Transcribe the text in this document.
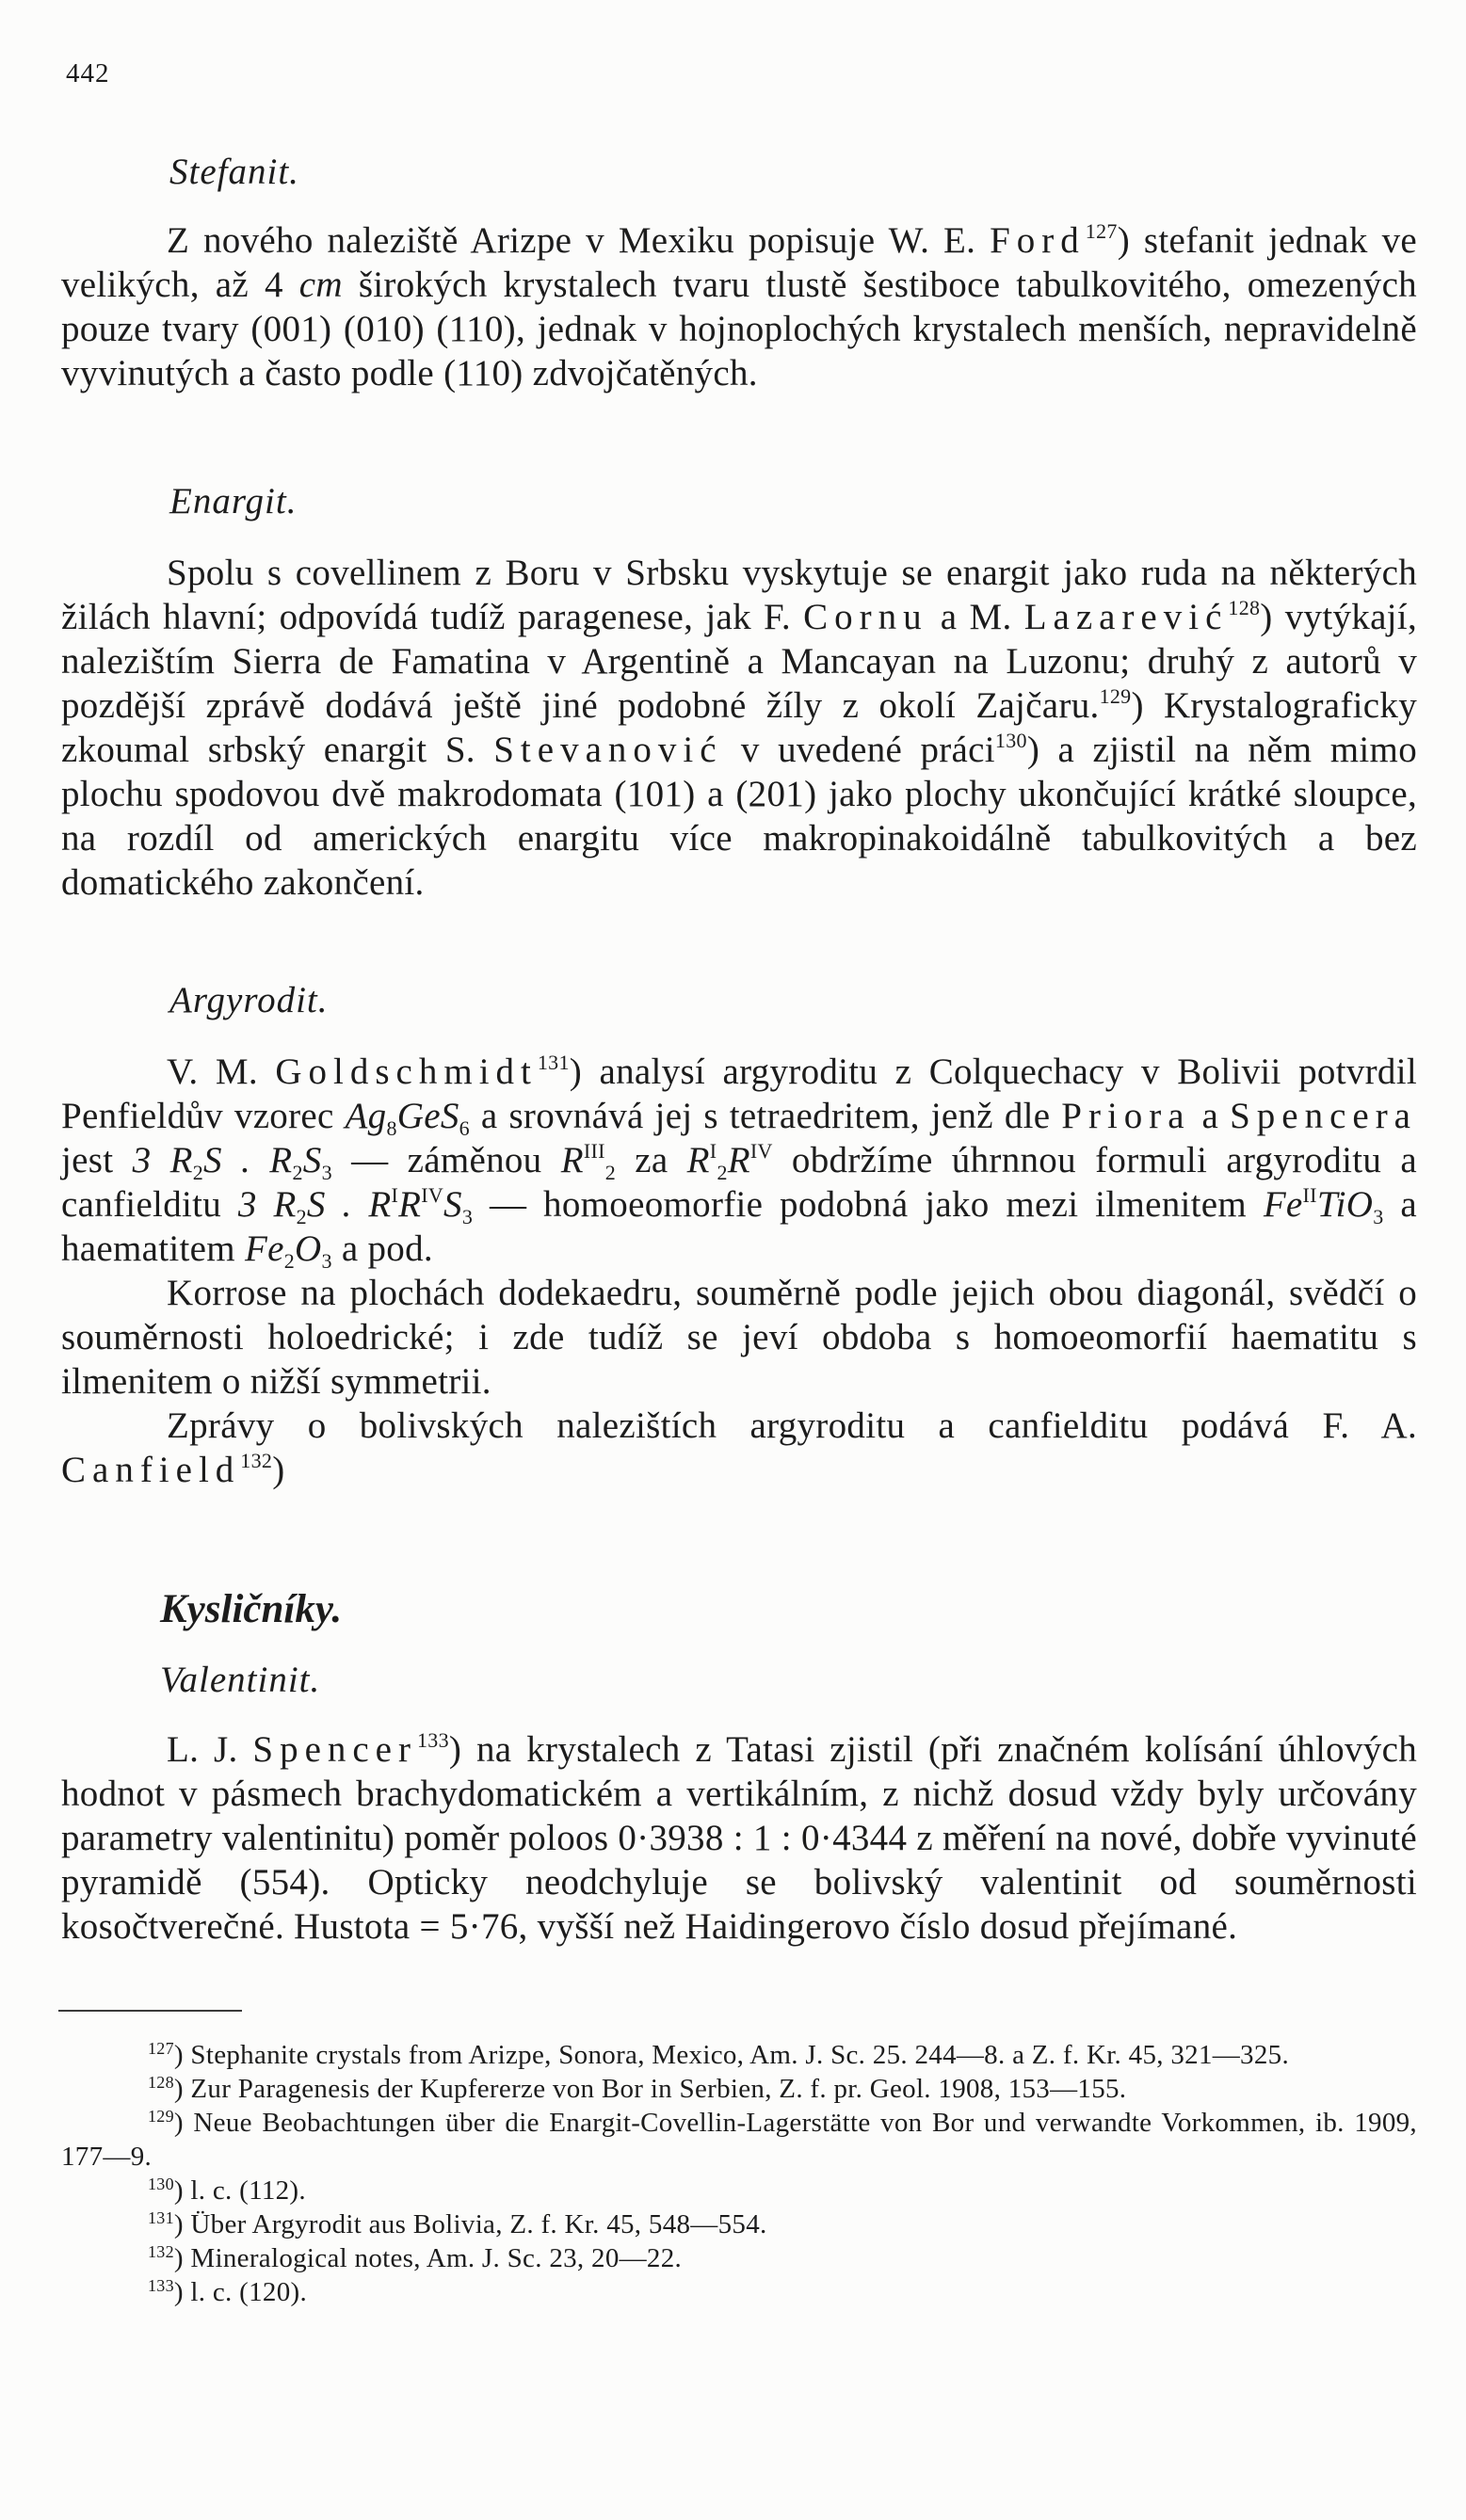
442
Stefanit.

Z nového naleziště Arizpe v Mexiku popisuje W. E. Ford$^{127}$) stefanit jednak ve velikých, až 4 cm širokých krystalech tvaru tlustě šestiboce tabulkovitého, omezených pouze tvary (001) (010) (110), jednak v hojnoplochých krystalech menších, nepravidelně vyvinutých a často podle (110) zdvojčatěných.

Enargit.

Spolu s covellinem z Boru v Srbsku vyskytuje se enargit jako ruda na některých žilách hlavní; odpovídá tudíž paragenese, jak F. Cornu a M. Lazarević$^{128}$) vytýkají, nalezištím Sierra de Famatina v Argentině a Mancayan na Luzonu; druhý z autorů v pozdější zprávě dodává ještě jiné podobné žíly z okolí Zajčaru.$^{129}$) Krystalograficky zkoumal srbský enargit S. Stevanović v uvedené práci$^{130}$) a zjistil na něm mimo plochu spodovou dvě makrodomata (101) a (201) jako plochy ukončující krátké sloupce, na rozdíl od amerických enargitu více makropinakoidálně tabulkovitých a bez domatického zakončení.

Argyrodit.

V. M. Goldschmidt$^{131}$) analysí argyroditu z Colquechacy v Bolivii potvrdil Penfieldův vzorec $Ag_8GeS_6$ a srovnává jej s tetraedritem, jenž dle Priora a Spencera jest 3 $R_2S$ . $R_2S_3$ — záměnou $R^{III}_2$ za $R^I_2R^{IV}$ obdržíme úhrnnou formuli argyroditu a canfielditu 3 $R_2S$ . $R^IR^{IV}S_3$ — homoeomorfie podobná jako mezi ilmenitem $Fe^{II}TiO_3$ a haematitem $Fe_2O_3$ a pod.

Korrose na plochách dodekaedru, souměrně podle jejich obou diagonál, svědčí o souměrnosti holoedrické; i zde tudíž se jeví obdoba s homoeomorfií haematitu s ilmenitem o nižší symmetrii.

Zprávy o bolivských nalezištích argyroditu a canfielditu podává F. A. Canfield$^{132}$)

Kysličníky.
Valentinit.

L. J. Spencer$^{133}$) na krystalech z Tatasi zjistil (při značném kolísání úhlových hodnot v pásmech brachydomatickém a vertikálním, z nichž dosud vždy byly určovány parametry valentinitu) poměr poloos 0·3938 : 1 : 0·4344 z měření na nové, dobře vyvinuté pyramidě (554). Opticky neodchyluje se bolivský valentinit od souměrnosti kosočtverečné. Hustota = 5·76, vyšší než Haidingerovo číslo dosud přejímané.

$^{127}$) Stephanite crystals from Arizpe, Sonora, Mexico, Am. J. Sc. 25. 244—8. a Z. f. Kr. 45, 321—325.

$^{128}$) Zur Paragenesis der Kupfererze von Bor in Serbien, Z. f. pr. Geol. 1908, 153—155.

$^{129}$) Neue Beobachtungen über die Enargit-Covellin-Lagerstätte von Bor und verwandte Vorkommen, ib. 1909, 177—9.

$^{130}$) l. c. (112).

$^{131}$) Über Argyrodit aus Bolivia, Z. f. Kr. 45, 548—554.

$^{132}$) Mineralogical notes, Am. J. Sc. 23, 20—22.

$^{133}$) l. c. (120).
